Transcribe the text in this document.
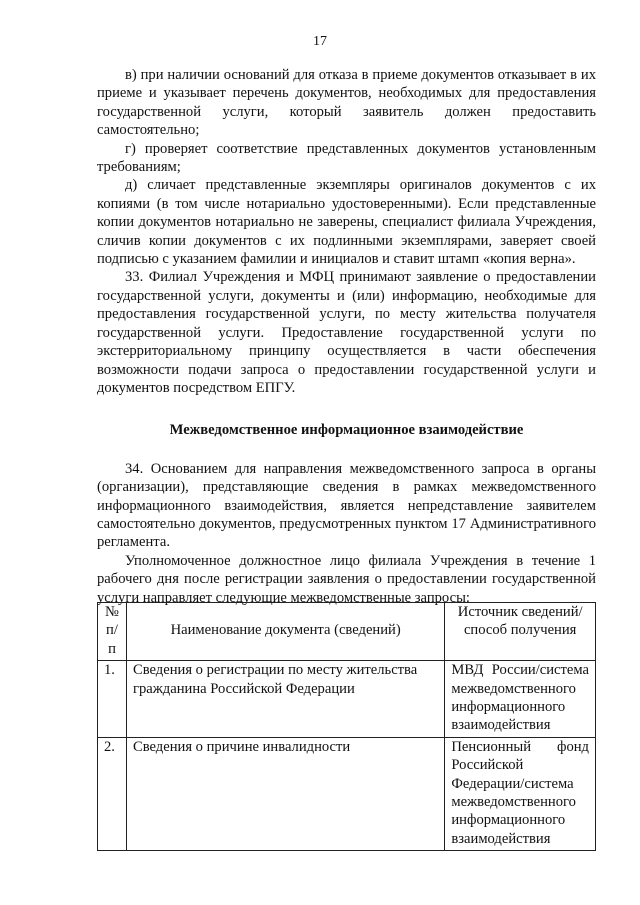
17

в) при наличии оснований для отказа в приеме документов отказывает в их приеме и указывает перечень документов, необходимых для предоставления государственной услуги, который заявитель должен предоставить самостоятельно;

г) проверяет соответствие представленных документов установленным требованиям;

д) сличает представленные экземпляры оригиналов документов с их копиями (в том числе нотариально удостоверенными). Если представленные копии документов нотариально не заверены, специалист филиала Учреждения, сличив копии документов с их подлинными экземплярами, заверяет своей подписью с указанием фамилии и инициалов и ставит штамп «копия верна».

33. Филиал Учреждения и МФЦ принимают заявление о предоставлении государственной услуги, документы и (или) информацию, необходимые для предоставления государственной услуги, по месту жительства получателя государственной услуги. Предоставление государственной услуги по экстерриториальному принципу осуществляется в части обеспечения возможности подачи запроса о предоставлении государственной услуги и документов посредством ЕПГУ.

Межведомственное информационное взаимодействие

34. Основанием для направления межведомственного запроса в органы (организации), представляющие сведения в рамках межведомственного информационного взаимодействия, является непредставление заявителем самостоятельно документов, предусмотренных пунктом 17 Административного регламента.

Уполномоченное должностное лицо филиала Учреждения в течение 1 рабочего дня после регистрации заявления о предоставлении государственной услуги направляет следующие межведомственные запросы:

№ п/п	Наименование документа (сведений)	Источник сведений/способ получения
1.	Сведения о регистрации по месту жительства гражданина Российской Федерации	МВД России/система межведомственного информационного взаимодействия
2.	Сведения о причине инвалидности	Пенсионный фонд Российской Федерации/система межведомственного информационного взаимодействия
